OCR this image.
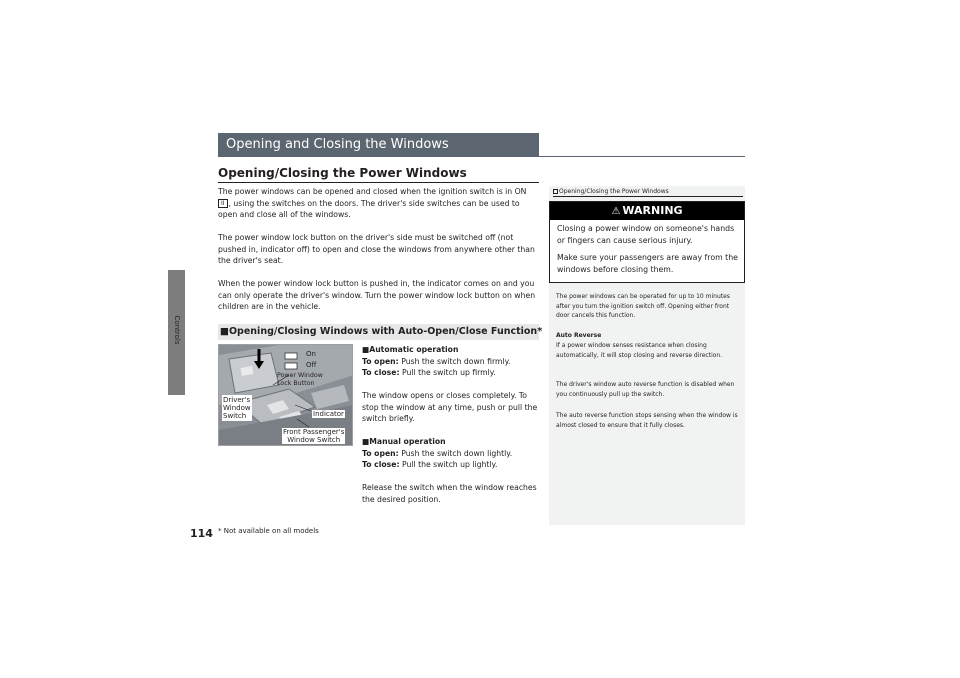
Controls
Opening and Closing the Windows
Opening/Closing the Power Windows
The power windows can be opened and closed when the ignition switch is in ON II , using the switches on the doors. The driver's side switches can be used to open and close all of the windows.
The power window lock button on the driver's side must be switched off (not pushed in, indicator off) to open and close the windows from anywhere other than the driver's seat.
When the power window lock button is pushed in, the indicator comes on and you can only operate the driver's window. Turn the power window lock button on when children are in the vehicle.
■Opening/Closing Windows with Auto-Open/Close Function*
On
Off
Power Window
Lock Button
Indicator
Front Passenger's
Window Switch
Driver's
Window
Switch
■Automatic operation
To open: Push the switch down firmly.
To close: Pull the switch up firmly.
The window opens or closes completely. To stop the window at any time, push or pull the switch briefly.
■Manual operation
To open: Push the switch down lightly.
To close: Pull the switch up lightly.
Release the switch when the window reaches the desired position.
Opening/Closing the Power Windows
⚠ WARNING
Closing a power window on someone's hands or fingers can cause serious injury.
Make sure your passengers are away from the windows before closing them.
The power windows can be operated for up to 10 minutes after you turn the ignition switch off. Opening either front door cancels this function.
Auto Reverse
If a power window senses resistance when closing automatically, it will stop closing and reverse direction.
The driver's window auto reverse function is disabled when you continuously pull up the switch.
The auto reverse function stops sensing when the window is almost closed to ensure that it fully closes.
114 * Not available on all models
